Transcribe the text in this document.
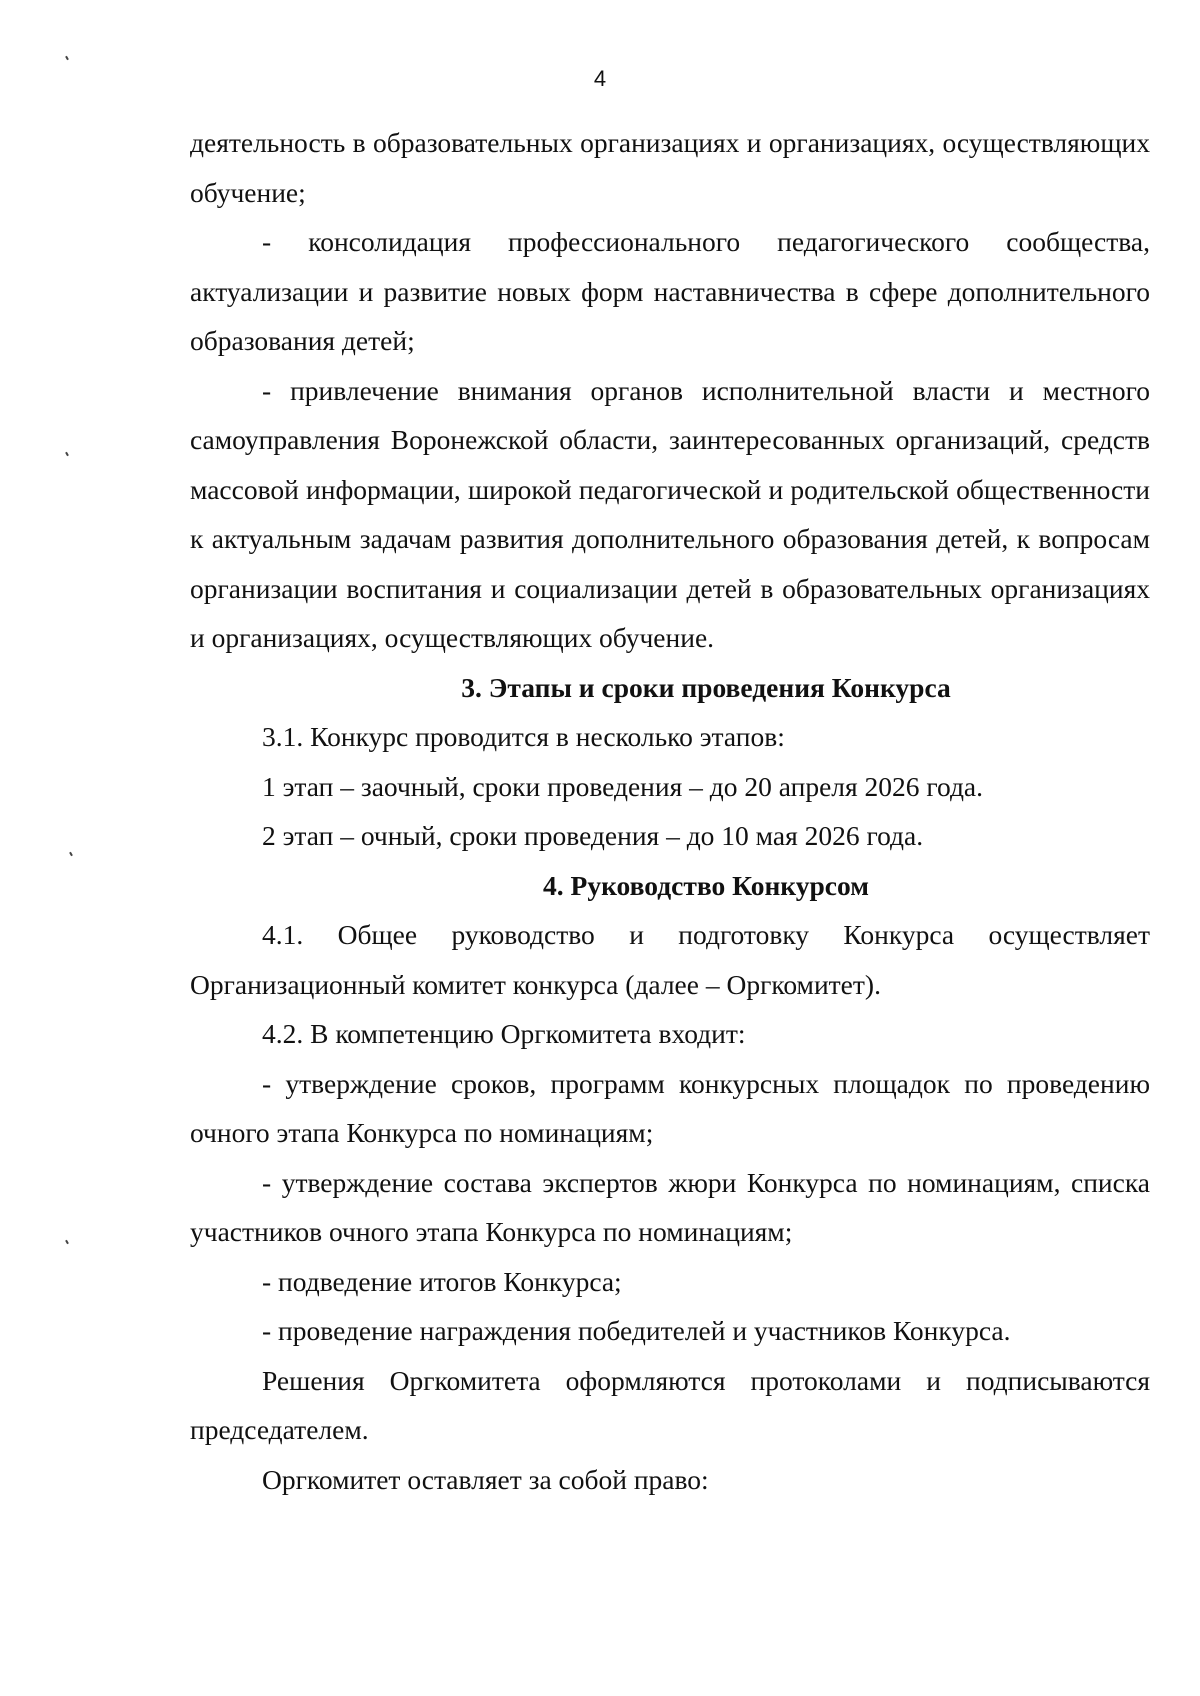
4

деятельность в образовательных организациях и организациях, осуществляющих обучение;

- консолидация профессионального педагогического сообщества, актуализации и развитие новых форм наставничества в сфере дополнительного образования детей;

- привлечение внимания органов исполнительной власти и местного самоуправления Воронежской области, заинтересованных организаций, средств массовой информации, широкой педагогической и родительской общественности к актуальным задачам развития дополнительного образования детей, к вопросам организации воспитания и социализации детей в образовательных организациях и организациях, осуществляющих обучение.

3. Этапы и сроки проведения Конкурса

3.1. Конкурс проводится в несколько этапов:

1 этап – заочный, сроки проведения – до 20 апреля 2026 года.

2 этап – очный, сроки проведения – до 10 мая 2026 года.

4. Руководство Конкурсом

4.1. Общее руководство и подготовку Конкурса осуществляет Организационный комитет конкурса (далее – Оргкомитет).

4.2. В компетенцию Оргкомитета входит:

- утверждение сроков, программ конкурсных площадок по проведению очного этапа Конкурса по номинациям;

- утверждение состава экспертов жюри Конкурса по номинациям, списка участников очного этапа Конкурса по номинациям;

- подведение итогов Конкурса;

- проведение награждения победителей и участников Конкурса.

Решения Оргкомитета оформляются протоколами и подписываются председателем.

Оргкомитет оставляет за собой право:
